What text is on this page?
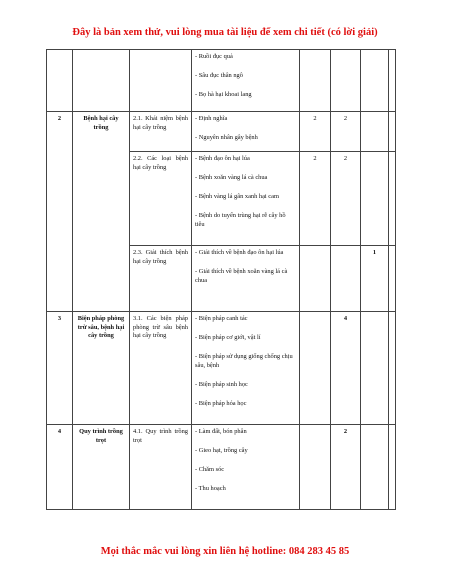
Đây là bản xem thử, vui lòng mua tài liệu để xem chi tiết (có lời giải)

			- Ruồi đục quả
- Sâu đục thân ngô
- Bọ hà hại khoai lang				

2	Bệnh hại cây trồng	2.1. Khái niệm bệnh hại cây trồng	- Định nghĩa
- Nguyên nhân gây bệnh	2	2		
		2.2. Các loại bệnh hại cây trồng	- Bệnh đạo ôn hại lúa
- Bệnh xoăn vàng lá cà chua
- Bệnh vàng lá gân xanh hại cam
- Bệnh do tuyến trùng hại rễ cây hồ tiêu	2	2		
		2.3. Giải thích bệnh hại cây trồng	- Giải thích về bệnh đạo ôn hại lúa
- Giải thích về bệnh xoăn vàng lá cà chua			1	
3	Biện pháp phòng trừ sâu, bệnh hại cây trồng	3.1. Các biện pháp phòng trừ sâu bệnh hại cây trồng	- Biện pháp canh tác
- Biện pháp cơ giới, vật lí
- Biện pháp sử dụng giống chống chịu sâu, bệnh
- Biện pháp sinh học
- Biện pháp hóa học		4		
4	Quy trình trồng trọt	4.1. Quy trình trồng trọt	- Làm đất, bón phân
- Gieo hạt, trồng cây
- Chăm sóc
- Thu hoạch		2		
Mọi thắc mắc vui lòng xin liên hệ hotline: 084 283 45 85
